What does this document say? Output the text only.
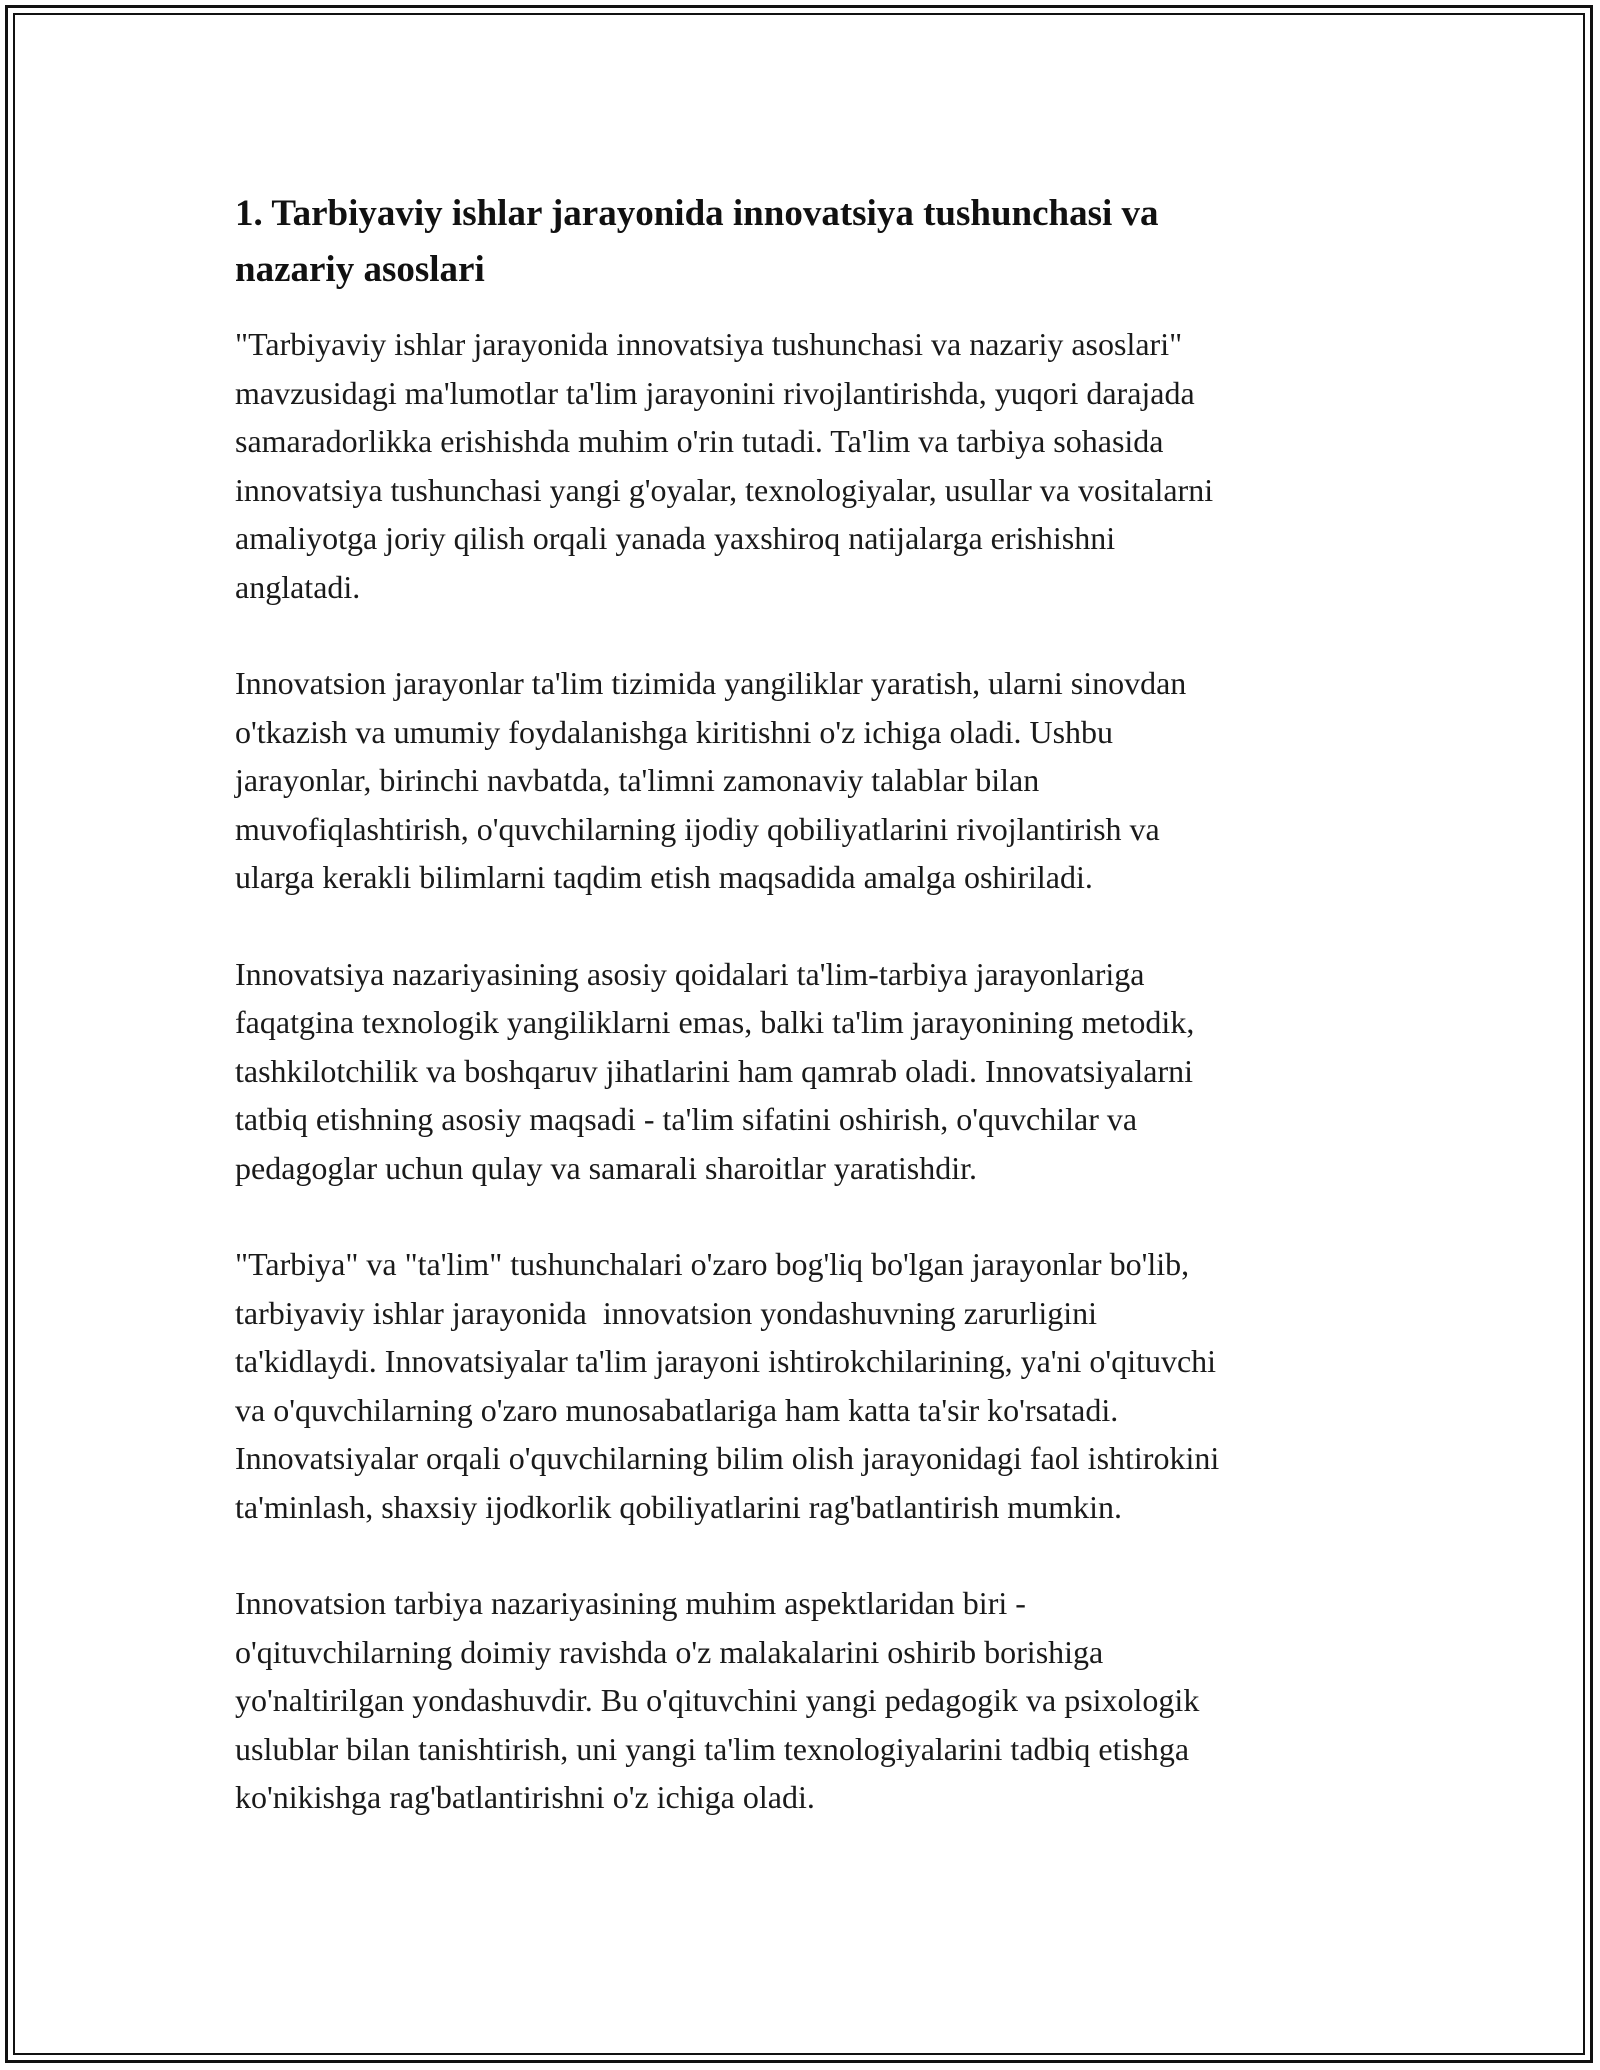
1. Tarbiyaviy ishlar jarayonida innovatsiya tushunchasi va
nazariy asoslari

"Tarbiyaviy ishlar jarayonida innovatsiya tushunchasi va nazariy asoslari"
mavzusidagi ma'lumotlar ta'lim jarayonini rivojlantirishda, yuqori darajada
samaradorlikka erishishda muhim o'rin tutadi. Ta'lim va tarbiya sohasida
innovatsiya tushunchasi yangi g'oyalar, texnologiyalar, usullar va vositalarni
amaliyotga joriy qilish orqali yanada yaxshiroq natijalarga erishishni
anglatadi.

Innovatsion jarayonlar ta'lim tizimida yangiliklar yaratish, ularni sinovdan
o'tkazish va umumiy foydalanishga kiritishni o'z ichiga oladi. Ushbu
jarayonlar, birinchi navbatda, ta'limni zamonaviy talablar bilan
muvofiqlashtirish, o'quvchilarning ijodiy qobiliyatlarini rivojlantirish va
ularga kerakli bilimlarni taqdim etish maqsadida amalga oshiriladi.

Innovatsiya nazariyasining asosiy qoidalari ta'lim-tarbiya jarayonlariga
faqatgina texnologik yangiliklarni emas, balki ta'lim jarayonining metodik,
tashkilotchilik va boshqaruv jihatlarini ham qamrab oladi. Innovatsiyalarni
tatbiq etishning asosiy maqsadi - ta'lim sifatini oshirish, o'quvchilar va
pedagoglar uchun qulay va samarali sharoitlar yaratishdir.

"Tarbiya" va "ta'lim" tushunchalari o'zaro bog'liq bo'lgan jarayonlar bo'lib,
tarbiyaviy ishlar jarayonida  innovatsion yondashuvning zarurligini
ta'kidlaydi. Innovatsiyalar ta'lim jarayoni ishtirokchilarining, ya'ni o'qituvchi
va o'quvchilarning o'zaro munosabatlariga ham katta ta'sir ko'rsatadi.
Innovatsiyalar orqali o'quvchilarning bilim olish jarayonidagi faol ishtirokini
ta'minlash, shaxsiy ijodkorlik qobiliyatlarini rag'batlantirish mumkin.

Innovatsion tarbiya nazariyasining muhim aspektlaridan biri -
o'qituvchilarning doimiy ravishda o'z malakalarini oshirib borishiga
yo'naltirilgan yondashuvdir. Bu o'qituvchini yangi pedagogik va psixologik
uslublar bilan tanishtirish, uni yangi ta'lim texnologiyalarini tadbiq etishga
ko'nikishga rag'batlantirishni o'z ichiga oladi.
